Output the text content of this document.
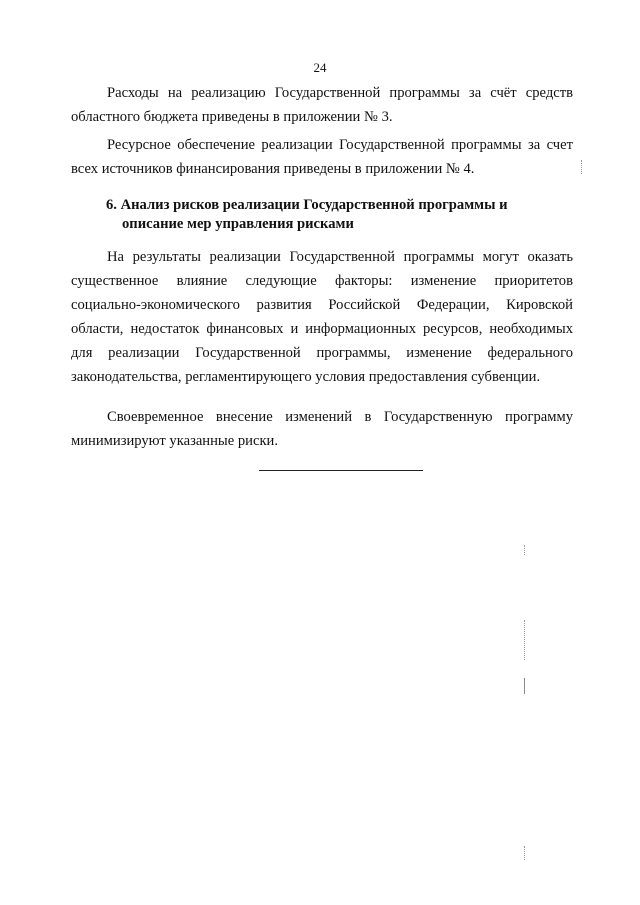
24

Расходы на реализацию Государственной программы за счёт средств областного бюджета приведены в приложении № 3.

Ресурсное обеспечение реализации Государственной программы за счет всех источников финансирования приведены в приложении № 4.

6. Анализ рисков реализации Государственной программы и
описание мер управления рисками

На результаты реализации Государственной программы могут оказать существенное влияние следующие факторы: изменение приоритетов социально-экономического развития Российской Федерации, Кировской области, недостаток финансовых и информационных ресурсов, необходимых для реализации Государственной программы, изменение федерального законодательства, регламентирующего условия предоставления субвенции.

Своевременное внесение изменений в Государственную программу минимизируют указанные риски.
